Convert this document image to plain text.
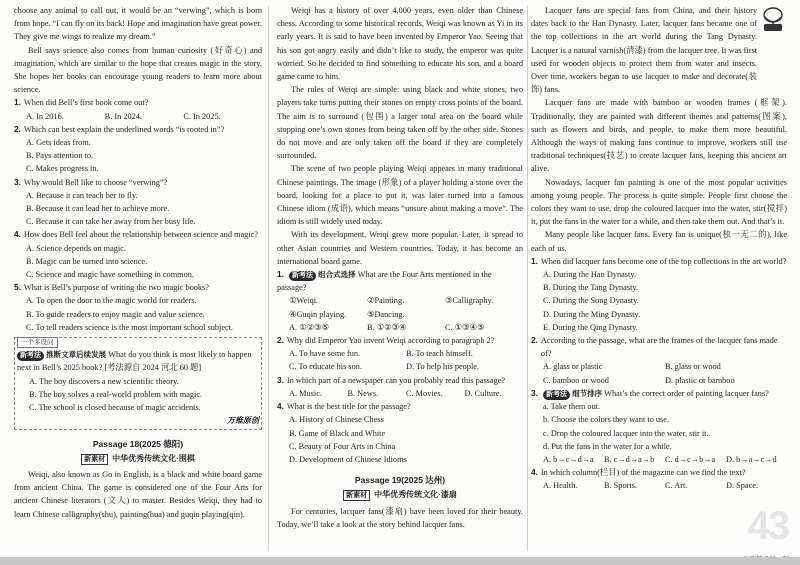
choose any animal to call out, it would be an “verwing”, which is born from hope. “I can fly on its back! Hope and imagination have great power. They give me wings to realize my dream.”

Bell says science also comes from human curiosity (好奇心) and imagination, which are similar to the hope that creates magic in the story. She hopes her books can encourage young readers to learn more about science.

1. When did Bell’s first book come out?
A. In 2016.	B. In 2024.	C. In 2025.
2. Which can best explain the underlined words “is rooted in”?
A. Gets ideas from.
B. Pays attention to.
C. Makes progress in.
3. Why would Bell like to choose “verwing”?
A. Because it can teach her to fly.
B. Because it can lead her to achieve more.
C. Because it can take her away from her busy life.
4. How does Bell feel about the relationship between science and magic?
A. Science depends on magic.
B. Magic can be turned into science.
C. Science and magic have something in common.
5. What is Bell’s purpose of writing the two magic books?
A. To open the door to the magic world for readers.
B. To guide readers to enjoy magic and value science.
C. To tell readers science is the most important school subject.
一个多设问
新考法 推断文章后续发展 What do you think is most likely to happen next in Bell’s 2025 book? [考法源自 2024 河北 60 题]
A. The boy discovers a new scientific theory.
B. The boy solves a real-world problem with magic.
C. The school is closed because of magic accidents.
万维原创
Passage 18(2025 德阳)
新素材 中华优秀传统文化·围棋

Weiqi, also known as Go in English, is a black and white board game from ancient China. The game is considered one of the Four Arts for ancient Chinese literators (文人) to master. Besides Weiqi, they had to learn Chinese calligraphy(shu), painting(hua) and guqin playing(qin).

Weiqi has a history of over 4,000 years, even older than Chinese chess. According to some historical records, Weiqi was known as Yi in its early years. It is said to have been invented by Emperor Yao. Seeing that his son got angry easily and didn’t like to study, the emperor was quite worried. So he decided to find something to educate his son, and a board game came to him.

The rules of Weiqi are simple: using black and white stones, two players take turns putting their stones on empty cross points of the board. The aim is to surround (包围) a larger total area on the board while stopping one’s own stones from being taken off by the other side. Stones do not move and are only taken off the board if they are completely surrounded.

The scene of two people playing Weiqi appears in many traditional Chinese paintings. The image (形象) of a player holding a stone over the board, looking for a place to put it, was later turned into a famous Chinese idiom (成语), which means “unsure about making a move”. The idiom is still widely used today.

With its development, Weiqi grew more popular. Later, it spread to other Asian countries and Western countries. Today, it has become an international board game.

1. 新考法 组合式选择 What are the Four Arts mentioned in the passage?
①Weiqi.	②Painting.	③Calligraphy.
④Guqin playing.	⑤Dancing.
A. ①②③⑤	B. ①②③④	C. ①③④⑤
2. Why did Emperor Yao invent Weiqi according to paragraph 2?
A. To have some fun.	B. To teach himself.
C. To educate his son.	D. To help his people.
3. In which part of a newspaper can you probably read this passage?
A. Music.	B. News.	C. Movies.	D. Culture.
4. What is the best title for the passage?
A. History of Chinese Chess
B. Game of Black and White
C. Beauty of Four Arts in China
D. Development of Chinese Idioms
Passage 19(2025 达州)
新素材 中华优秀传统文化·漆扇

For centuries, lacquer fans(漆扇) have been loved for their beauty. Today, we’ll take a look at the story behind lacquer fans.

Lacquer fans are special fans from China, and their history dates back to the Han Dynasty. Later, lacquer fans became one of the top collections in the art world during the Tang Dynasty. Lacquer is a natural varnish(清漆) from the lacquer tree. It was first used for wooden objects to protect them from water and insects. Over time, workers began to use lacquer to make and decorate(装饰) fans.

Lacquer fans are made with bamboo or wooden frames (框架). Traditionally, they are painted with different themes and patterns(图案), such as flowers and birds, and people, to make them more beautiful. Although the ways of making fans continue to improve, workers still use traditional techniques(技艺) to create lacquer fans, keeping this ancient art alive.

Nowadays, lacquer fan painting is one of the most popular activities among young people. The process is quite simple. People first choose the colors they want to use, drop the coloured lacquer into the water, stir(搅拌) it, put the fans in the water for a while, and then take them out. And that’s it.

Many people like lacquer fans. Every fan is unique(独一无二的), like each of us.

1. When did lacquer fans become one of the top collections in the art world?
A. During the Han Dynasty.
B. During the Tang Dynasty.
C. During the Song Dynasty.
D. During the Ming Dynasty.
E. During the Qing Dynasty.
2. According to the passage, what are the frames of the lacquer fans made of?
A. glass or plastic	B. glass or wood
C. bamboo or wood	D. plastic or bamboo
3. 新考法 细节排序 What’s the correct order of painting lacquer fans?
a. Take them out.
b. Choose the colors they want to use.
c. Drop the coloured lacquer into the water, stir it.
d. Put the fans in the water for a while.
A. b→c→d→a	B. c→d→a→b	C. d→c→b→a	D. b→a→c→d
4. In which column(栏目) of the magazine can we find the text?
A. Health.	B. Sports.	C. Art.	D. Space.
43
